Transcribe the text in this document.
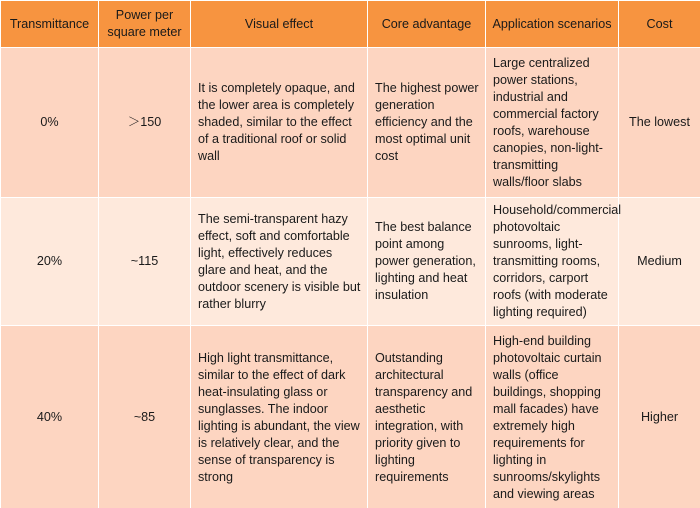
Transmittance	Power per square meter	Visual effect	Core advantage	Application scenarios	Cost
0%	＞150	It is completely opaque, and the lower area is completely shaded, similar to the effect of a traditional roof or solid wall	The highest power generation efficiency and the most optimal unit cost	Large centralized power stations, industrial and commercial factory roofs, warehouse canopies, non-light-transmitting walls/floor slabs	The lowest
20%	~115	The semi-transparent hazy effect, soft and comfortable light, effectively reduces glare and heat, and the outdoor scenery is visible but rather blurry	The best balance point among power generation, lighting and heat insulation	Household/commercial photovoltaic sunrooms, light-transmitting rooms, corridors, carport roofs (with moderate lighting required)	Medium
40%	~85	High light transmittance, similar to the effect of dark heat-insulating glass or sunglasses. The indoor lighting is abundant, the view is relatively clear, and the sense of transparency is strong	Outstanding architectural transparency and aesthetic integration, with priority given to lighting requirements	High-end building photovoltaic curtain walls (office buildings, shopping mall facades) have extremely high requirements for lighting in sunrooms/skylights and viewing areas	Higher
